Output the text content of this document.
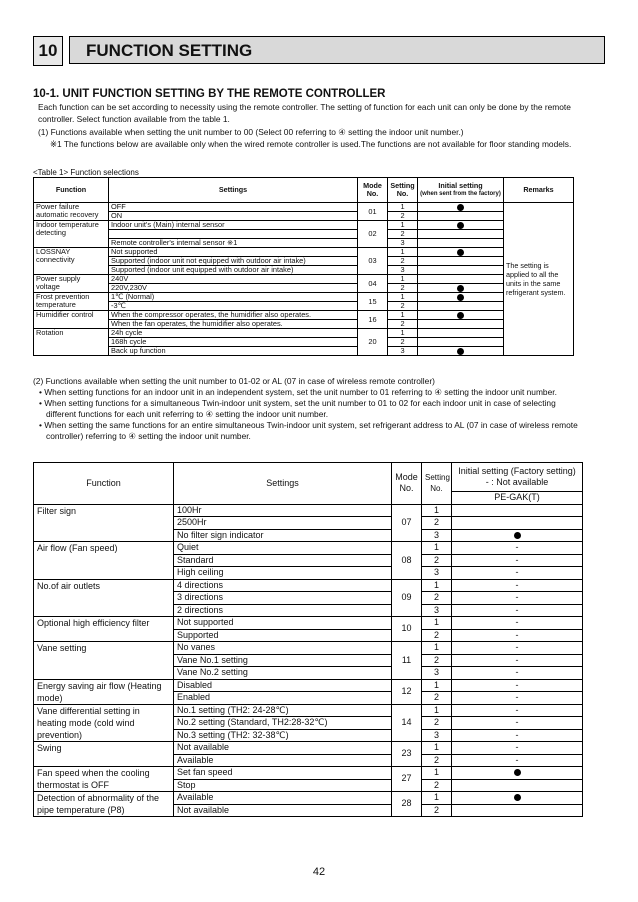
10	FUNCTION SETTING
10-1. UNIT FUNCTION SETTING BY THE REMOTE CONTROLLER
Each function can be set according to necessity using the remote controller. The setting of function for each unit can only be done by the remote controller. Select function available from the table 1.
(1) Functions available when setting the unit number to 00 (Select 00 referring to ④ setting the indoor unit number.)
※1 The functions below are available only when the wired remote controller is used.The functions are not available for floor standing models.
<Table 1> Function selections
Function	Settings	Mode No.	Setting No.	Initial setting
(when sent from the factory)	Remarks
Power failure automatic recovery	OFF	01	1		The setting is applied to all the units in the same refrigerant system.
	ON		2		
Indoor temperature detecting	Indoor unit's (Main) internal sensor	02	1		
			2		
	Remote controller's internal sensor ※1		3		
LOSSNAY connectivity	Not supported	03	1		
	Supported (indoor unit not equipped with outdoor air intake)		2		
	Supported (indoor unit equipped with outdoor air intake)		3		
Power supply voltage	240V	04	1		
	220V,230V		2		
Frost prevention temperature	1℃ (Normal)	15	1		
	-3℃		2		
Humidifier control	When the compressor operates, the humidifier also operates.	16	1		
	When the fan operates, the humidifier also operates.		2		
Rotation	24h cycle	20	1		
	168h cycle		2		
	Back up function		3		
(2) Functions available when setting the unit number to 01-02 or AL (07 in case of wireless remote controller)
• When setting functions for an indoor unit in an independent system, set the unit number to 01 referring to ④ setting the indoor unit number.
• When setting functions for a simultaneous Twin-indoor unit system, set the unit number to 01 to 02 for each indoor unit in case of selecting different functions for each unit referring to ④ setting the indoor unit number.
• When setting the same functions for an entire simultaneous Twin-indoor unit system, set refrigerant address to AL (07 in case of wireless remote controller) referring to ④ setting the indoor unit number.
Function	Settings	Mode No.	Setting No.	Initial setting (Factory setting)
- : Not available

				PE-GAK(T)
Filter sign	100Hr	07	1	
	2500Hr		2	
	No filter sign indicator		3	
Air flow (Fan speed)	Quiet	08	1	-
	Standard		2	-
	High ceiling		3	-
No.of air outlets	4 directions	09	1	-
	3 directions		2	-
	2 directions		3	-
Optional high efficiency filter	Not supported	10	1	-
	Supported		2	-
Vane setting	No vanes	11	1	-
	Vane No.1 setting		2	-
	Vane No.2 setting		3	-
Energy saving air flow (Heating mode)	Disabled	12	1	-
	Enabled		2	-
Vane differential setting in heating mode (cold wind prevention)	No.1 setting (TH2: 24-28℃)	14	1	-
	No.2 setting (Standard, TH2:28-32℃)		2	-
	No.3 setting (TH2: 32-38℃)		3	-
Swing	Not available	23	1	-
	Available		2	-
Fan speed when the cooling thermostat is OFF	Set fan speed	27	1	
	Stop		2	
Detection of abnormality of the pipe temperature (P8)	Available	28	1	
	Not available		2	
42
